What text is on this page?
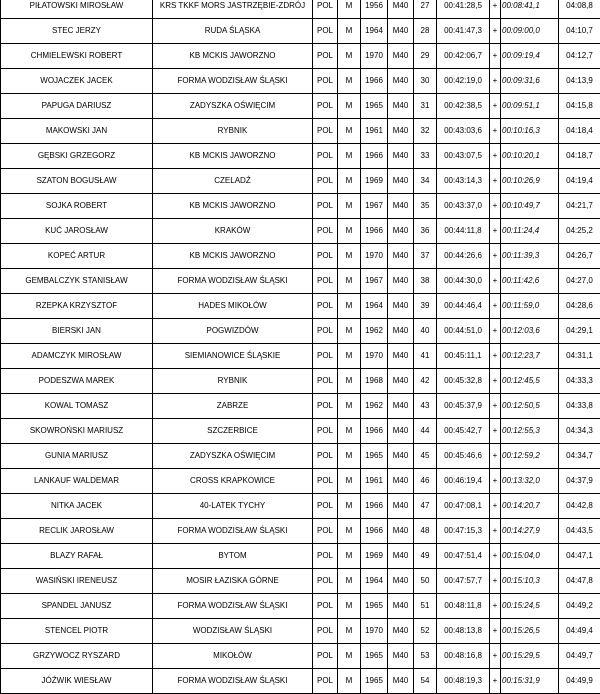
PIŁATOWSKI MIROSŁAW	KRS TKKF MORS JASTRZĘBIE-ZDRÓJ	POL	M	1956	M40	27	00:41:28,5	+	00:08:41,1	04:08,8
STEC JERZY	RUDA ŚLĄSKA	POL	M	1964	M40	28	00:41:47,3	+	00:09:00,0	04:10,7
CHMIELEWSKI ROBERT	KB MCKIS JAWORZNO	POL	M	1970	M40	29	00:42:06,7	+	00:09:19,4	04:12,7
WOJACZEK JACEK	FORMA WODZISŁAW ŚLĄSKI	POL	M	1966	M40	30	00:42:19,0	+	00:09:31,6	04:13,9
PAPUGA DARIUSZ	ZADYSZKA OŚWIĘCIM	POL	M	1965	M40	31	00:42:38,5	+	00:09:51,1	04:15,8
MAKOWSKI JAN	RYBNIK	POL	M	1961	M40	32	00:43:03,6	+	00:10:16,3	04:18,4
GĘBSKI GRZEGORZ	KB MCKIS JAWORZNO	POL	M	1966	M40	33	00:43:07,5	+	00:10:20,1	04:18,7
SZATON BOGUSŁAW	CZELADŹ	POL	M	1969	M40	34	00:43:14,3	+	00:10:26,9	04:19,4
SOJKA ROBERT	KB MCKIS JAWORZNO	POL	M	1967	M40	35	00:43:37,0	+	00:10:49,7	04:21,7
KUĆ JAROSŁAW	KRAKÓW	POL	M	1966	M40	36	00:44:11,8	+	00:11:24,4	04:25,2
KOPEĆ ARTUR	KB MCKIS JAWORZNO	POL	M	1970	M40	37	00:44:26,6	+	00:11:39,3	04:26,7
GEMBALCZYK STANISŁAW	FORMA WODZISŁAW ŚLĄSKI	POL	M	1967	M40	38	00:44:30,0	+	00:11:42,6	04:27,0
RZEPKA KRZYSZTOF	HADES MIKOŁÓW	POL	M	1964	M40	39	00:44:46,4	+	00:11:59,0	04:28,6
BIERSKI JAN	POGWIZDÓW	POL	M	1962	M40	40	00:44:51,0	+	00:12:03,6	04:29,1
ADAMCZYK MIROSŁAW	SIEMIANOWICE ŚLĄSKIE	POL	M	1970	M40	41	00:45:11,1	+	00:12:23,7	04:31,1
PODESZWA MAREK	RYBNIK	POL	M	1968	M40	42	00:45:32,8	+	00:12:45,5	04:33,3
KOWAL TOMASZ	ZABRZE	POL	M	1962	M40	43	00:45:37,9	+	00:12:50,5	04:33,8
SKOWROŃSKI MARIUSZ	SZCZERBICE	POL	M	1966	M40	44	00:45:42,7	+	00:12:55,3	04:34,3
GUNIA MARIUSZ	ZADYSZKA OŚWIĘCIM	POL	M	1965	M40	45	00:45:46,6	+	00:12:59,2	04:34,7
LANKAUF WALDEMAR	CROSS KRAPKOWICE	POL	M	1961	M40	46	00:46:19,4	+	00:13:32,0	04:37,9
NITKA JACEK	40-LATEK TYCHY	POL	M	1966	M40	47	00:47:08,1	+	00:14:20,7	04:42,8
RECLIK JAROSŁAW	FORMA WODZISŁAW ŚLĄSKI	POL	M	1966	M40	48	00:47:15,3	+	00:14:27,9	04:43,5
BLAZY RAFAŁ	BYTOM	POL	M	1969	M40	49	00:47:51,4	+	00:15:04,0	04:47,1
WASIŃSKI IRENEUSZ	MOSIR ŁAZISKA GÓRNE	POL	M	1964	M40	50	00:47:57,7	+	00:15:10,3	04:47,8
SPANDEL JANUSZ	FORMA WODZISŁAW ŚLĄSKI	POL	M	1965	M40	51	00:48:11,8	+	00:15:24,5	04:49,2
STENCEL PIOTR	WODZISŁAW ŚLĄSKI	POL	M	1970	M40	52	00:48:13,8	+	00:15:26,5	04:49,4
GRZYWOCZ RYSZARD	MIKOŁÓW	POL	M	1965	M40	53	00:48:16,8	+	00:15:29,5	04:49,7
JÓŹWIK WIESŁAW	FORMA WODZISŁAW ŚLĄSKI	POL	M	1965	M40	54	00:48:19,3	+	00:15:31,9	04:49,9
